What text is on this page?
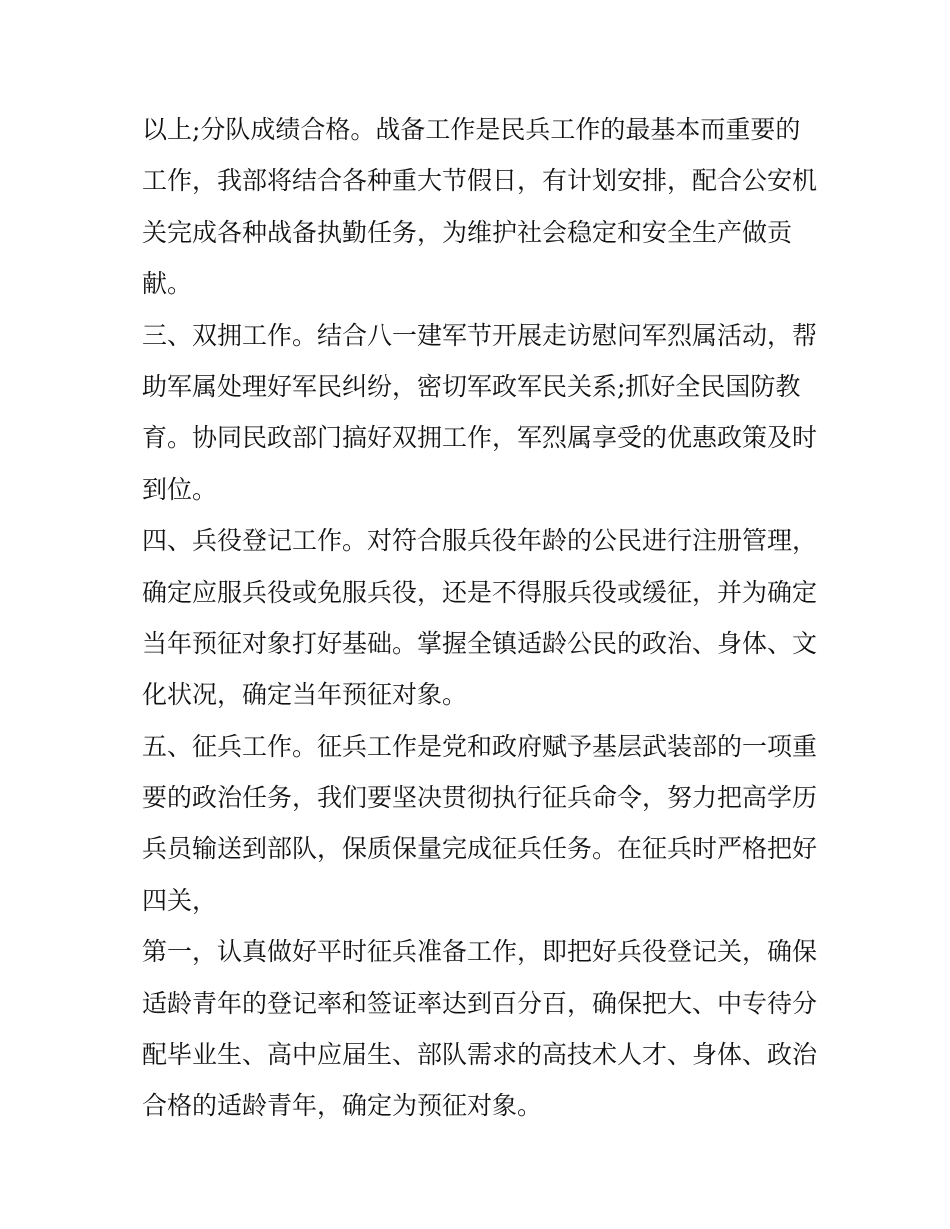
以上;分队成绩合格。战备工作是民兵工作的最基本而重要的
工作，我部将结合各种重大节假日，有计划安排，配合公安机
关完成各种战备执勤任务，为维护社会稳定和安全生产做贡
献。
三、双拥工作。结合八一建军节开展走访慰问军烈属活动，帮
助军属处理好军民纠纷，密切军政军民关系;抓好全民国防教
育。协同民政部门搞好双拥工作，军烈属享受的优惠政策及时
到位。
四、兵役登记工作。对符合服兵役年龄的公民进行注册管理，
确定应服兵役或免服兵役，还是不得服兵役或缓征，并为确定
当年预征对象打好基础。掌握全镇适龄公民的政治、身体、文
化状况，确定当年预征对象。
五、征兵工作。征兵工作是党和政府赋予基层武装部的一项重
要的政治任务，我们要坚决贯彻执行征兵命令，努力把高学历
兵员输送到部队，保质保量完成征兵任务。在征兵时严格把好
四关，
第一，认真做好平时征兵准备工作，即把好兵役登记关，确保
适龄青年的登记率和签证率达到百分百，确保把大、中专待分
配毕业生、高中应届生、部队需求的高技术人才、身体、政治
合格的适龄青年，确定为预征对象。
